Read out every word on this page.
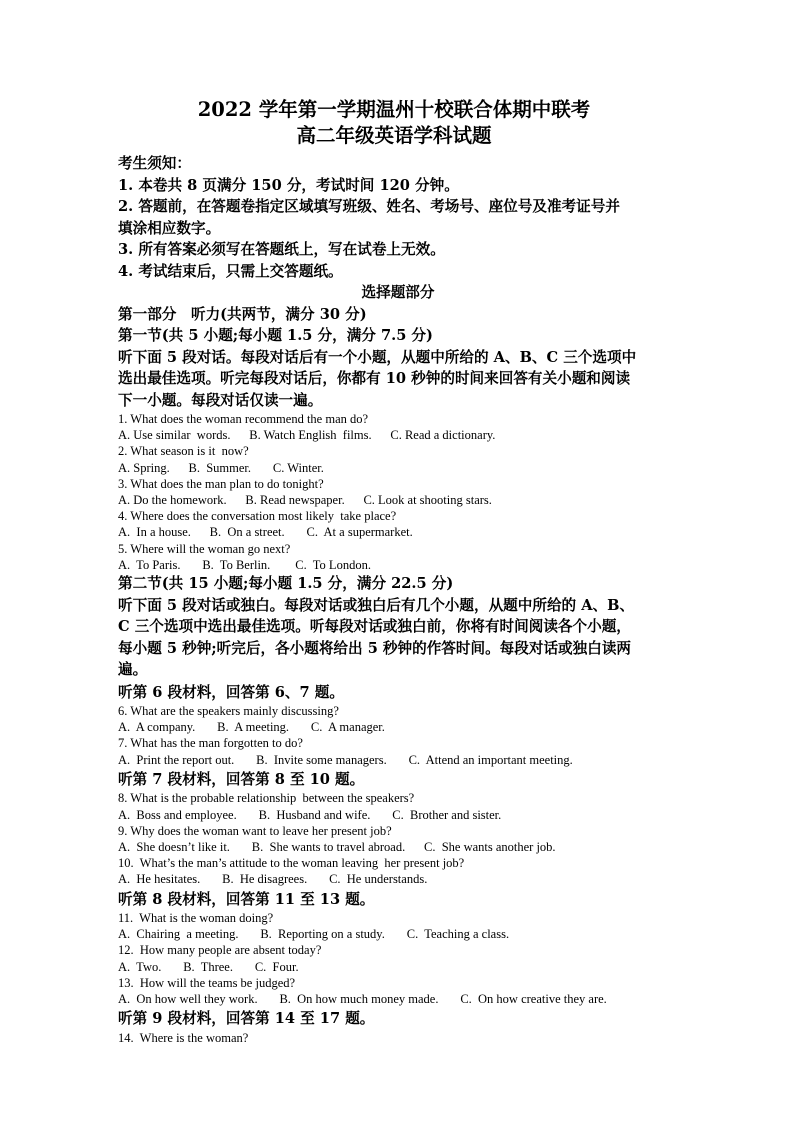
2022 学年第一学期温州十校联合体期中联考
高二年级英语学科试题
考生须知：
1. 本卷共 8 页满分 150 分，考试时间 120 分钟。
2. 答题前，在答题卷指定区域填写班级、姓名、考场号、座位号及准考证号并
填涂相应数字。
3. 所有答案必须写在答题纸上，写在试卷上无效。
4. 考试结束后，只需上交答题纸。
选择题部分
第一部分　听力(共两节，满分 30 分)
第一节(共 5 小题;每小题 1.5 分，满分 7.5 分)
听下面 5 段对话。每段对话后有一个小题，从题中所给的 A、B、C 三个选项中
选出最佳选项。听完每段对话后，你都有 10 秒钟的时间来回答有关小题和阅读
下一小题。每段对话仅读一遍。
1. What does the woman recommend the man do?
A. Use similar  words.      B. Watch English  films.      C. Read a dictionary.
2. What season is it  now?
A. Spring.      B.  Summer.       C. Winter.
3. What does the man plan to do tonight?
A. Do the homework.      B. Read newspaper.      C. Look at shooting stars.
4. Where does the conversation most likely  take place?
A.  In a house.      B.  On a street.       C.  At a supermarket.
5. Where will the woman go next?
A.  To Paris.       B.  To Berlin.        C.  To London.
第二节(共 15 小题;每小题 1.5 分，满分 22.5 分)
听下面 5 段对话或独白。每段对话或独白后有几个小题，从题中所给的 A、B、
C 三个选项中选出最佳选项。听每段对话或独白前，你将有时间阅读各个小题，
每小题 5 秒钟;听完后，各小题将给出 5 秒钟的作答时间。每段对话或独白读两
遍。
听第 6 段材料，回答第 6、7 题。
6. What are the speakers mainly discussing?
A.  A company.       B.  A meeting.       C.  A manager.
7. What has the man forgotten to do?
A.  Print the report out.       B.  Invite some managers.       C.  Attend an important meeting.
听第 7 段材料，回答第 8 至 10 题。
8. What is the probable relationship  between the speakers?
A.  Boss and employee.       B.  Husband and wife.       C.  Brother and sister.
9. Why does the woman want to leave her present job?
A.  She doesn’t like it.       B.  She wants to travel abroad.      C.  She wants another job.
10.  What’s the man’s attitude to the woman leaving  her present job?
A.  He hesitates.       B.  He disagrees.       C.  He understands.
听第 8 段材料，回答第 11 至 13 题。
11.  What is the woman doing?
A.  Chairing  a meeting.       B.  Reporting on a study.       C.  Teaching a class.
12.  How many people are absent today?
A.  Two.       B.  Three.       C.  Four.
13.  How will the teams be judged?
A.  On how well they work.       B.  On how much money made.       C.  On how creative they are.
听第 9 段材料，回答第 14 至 17 题。
14.  Where is the woman?
